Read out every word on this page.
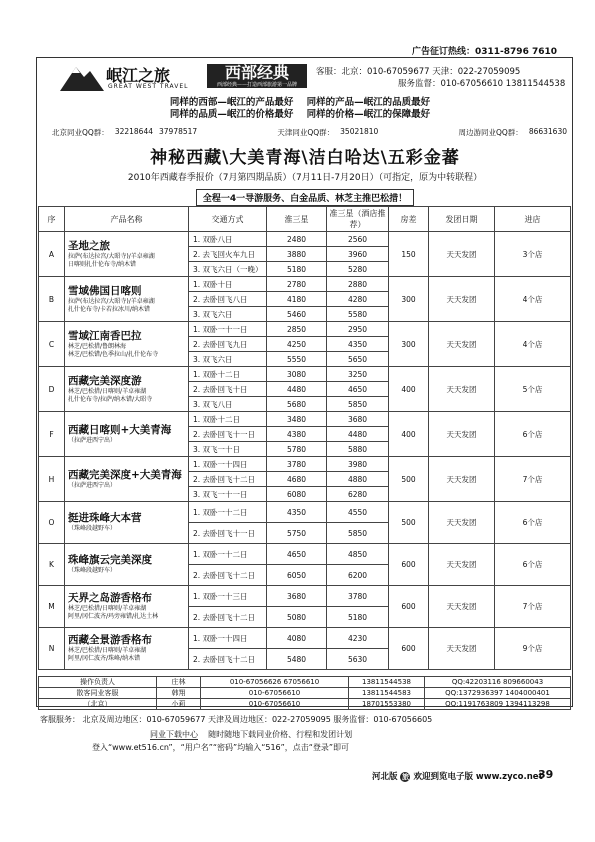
广告征订热线：0311-8796 7610
岷江之旅
GREAT WEST TRAVEL
西部经典
西部经典——打造西部旅游第一品牌
客服：北京：010-67059677 天津：022-27059095
服务监督：010-67056610 13811544538
同样的西部—岷江的产品最好 同样的产品—岷江的品质最好
同样的品质—岷江的价格最好 同样的价格—岷江的保障最好
北京同业QQ群： 32218644 37978517	天津同业QQ群： 35021810	周边游同业QQ群： 86631630
神秘西藏\大美青海\洁白哈达\五彩金蕃
2010年西藏春季报价（7月第四期品质）（7月11日-7月20日）（可指定，原为中转联程）
全程一4一导游服务、白金品质、林芝主推巴松措！
序	产品名称	交通方式	淮三星	准三星（酒店推荐）	房差	发团日期	进店
A	圣地之旅
拉萨(布达拉宫/大昭寺)/羊卓雍湖
日喀则扎什伦布寺/纳木错	1. 双卧八日	2480	2560	150	天天发团	3个店
		2. 去飞回火车九日	3880	3960			
		3. 双飞六日（一晚）	5180	5280			
B	雪域佛国日喀则
拉萨(布达拉宫/大昭寺)/羊卓雍湖
扎什伦布寺/卡若拉冰川/纳木错	1. 双卧十日	2780	2880	300	天天发团	4个店
		2. 去卧回飞八日	4180	4280			
		3. 双飞六日	5460	5580			
C	雪域江南香巴拉
林芝/巴松措/鲁朗林海
林芝/巴松错/色季拉山/扎什伦布寺	1. 双卧一十一日	2850	2950	300	天天发团	4个店
		2. 去卧回飞九日	4250	4350			
		3. 双飞六日	5550	5650			
D	西藏完美深度游
林芝/巴松措/日喀则/羊卓雍湖
扎什伦布寺/拉萨/纳木错/大昭寺	1. 双卧十二日	3080	3250	400	天天发团	5个店
		2. 去卧回飞十日	4480	4650			
		3. 双飞八日	5680	5850			
F	西藏日喀则+大美青海
（拉萨进西宁出）	1. 双卧十二日	3480	3680	400	天天发团	6个店
		2. 去卧回飞十一日	4380	4480			
		3. 双飞一十日	5780	5880			
H	西藏完美深度+大美青海
（拉萨进西宁出）	1. 双卧一十四日	3780	3980	500	天天发团	7个店
		2. 去卧回飞十二日	4680	4880			
		3. 双飞一十一日	6080	6280			
O	挺进珠峰大本营
（珠峰段越野车）	1. 双卧一十二日	4350	4550	500	天天发团	6个店
		2. 去卧回飞十一日	5750	5850			
K	珠峰旗云完美深度
（珠峰段越野车）	1. 双卧一十二日	4650	4850	600	天天发团	6个店
		2. 去卧回飞十二日	6050	6200			
M	天界之岛游香格布
林芝/巴松措/日喀则/羊卓雍湖
阿里/冈仁波齐/玛旁雍错/扎达土林	1. 双卧一十三日	3680	3780	600	天天发团	7个店
		2. 去卧回飞十二日	5080	5180			
N	西藏全景游香格布
林芝/巴松措/日喀则/羊卓雍湖
阿里/冈仁波齐/珠峰/纳木错	1. 双卧一十四日	4080	4230	600	天天发团	9个店
		2. 去卧回飞十二日	5480	5630			
操作负责人	庄林	010-67056626 67056610	13811544538	QQ:42203116 809660043
散客同业客服	韩翔	010-67056610	13811544583	QQ:1372936397 1404000401
（北京）	小莉	010-67056610	18701553380	QQ:1191763809 1394113298
客服服务： 北京及周边地区：010-67059677 天津及周边地区：022-27059095 服务监督：010-67056605
同业下载中心 随时随地下载同业价格、行程和发团计划
登入“www.et516.cn”，“用户名”“密码”均输入“516”，点击“登录”即可
河北版 旅 欢迎到览电子版 www.zyco.net
39
